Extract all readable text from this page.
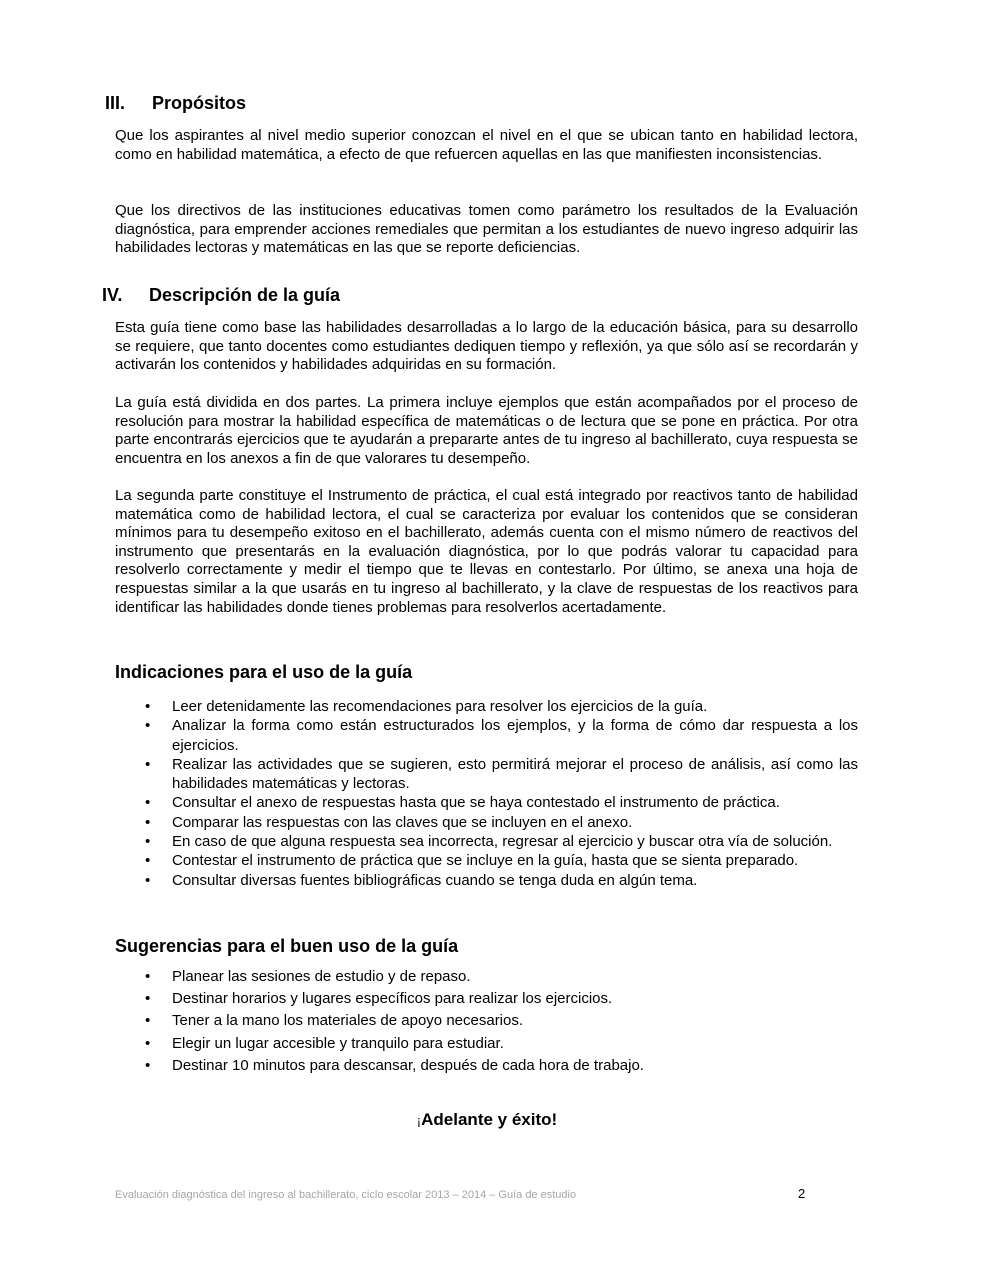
III. Propósitos

Que los aspirantes al nivel medio superior conozcan el nivel en el que se ubican tanto en habilidad lectora, como en habilidad matemática, a efecto de que refuercen aquellas en las que manifiesten inconsistencias.

Que los directivos de las instituciones educativas tomen como parámetro los resultados de la Evaluación diagnóstica, para emprender acciones remediales que permitan a los estudiantes de nuevo ingreso adquirir las habilidades lectoras y matemáticas en las que se reporte deficiencias.

IV. Descripción de la guía

Esta guía tiene como base las habilidades desarrolladas a lo largo de la educación básica, para su desarrollo se requiere, que tanto docentes como estudiantes dediquen tiempo y reflexión, ya que sólo así se recordarán y activarán los contenidos y habilidades adquiridas en su formación.

La guía está dividida en dos partes. La primera incluye ejemplos que están acompañados por el proceso de resolución para mostrar la habilidad específica de matemáticas o de lectura que se pone en práctica. Por otra parte encontrarás ejercicios que te ayudarán a prepararte antes de tu ingreso al bachillerato, cuya respuesta se encuentra en los anexos a fin de que valorares tu desempeño.

La segunda parte constituye el Instrumento de práctica, el cual está integrado por reactivos tanto de habilidad matemática como de habilidad lectora, el cual se caracteriza por evaluar los contenidos que se consideran mínimos para tu desempeño exitoso en el bachillerato, además cuenta con el mismo número de reactivos del instrumento que presentarás en la evaluación diagnóstica, por lo que podrás valorar tu capacidad para resolverlo correctamente y medir el tiempo que te llevas en contestarlo. Por último, se anexa una hoja de respuestas similar a la que usarás en tu ingreso al bachillerato, y la clave de respuestas de los reactivos para identificar las habilidades donde tienes problemas para resolverlos acertadamente.

Indicaciones para el uso de la guía
• Leer detenidamente las recomendaciones para resolver los ejercicios de la guía.
• Analizar la forma como están estructurados los ejemplos, y la forma de cómo dar respuesta a los ejercicios.
• Realizar las actividades que se sugieren, esto permitirá mejorar el proceso de análisis, así como las habilidades matemáticas y lectoras.
• Consultar el anexo de respuestas hasta que se haya contestado el instrumento de práctica.
• Comparar las respuestas con las claves que se incluyen en el anexo.
• En caso de que alguna respuesta sea incorrecta, regresar al ejercicio y buscar otra vía de solución.
• Contestar el instrumento de práctica que se incluye en la guía, hasta que se sienta preparado.
• Consultar diversas fuentes bibliográficas cuando se tenga duda en algún tema.
Sugerencias para el buen uso de la guía
• Planear las sesiones de estudio y de repaso.
• Destinar horarios y lugares específicos para realizar los ejercicios.
• Tener a la mano los materiales de apoyo necesarios.
• Elegir un lugar accesible y tranquilo para estudiar.
• Destinar 10 minutos para descansar, después de cada hora de trabajo.

¡Adelante y éxito!

Evaluación diagnóstica del ingreso al bachillerato, ciclo escolar 2013 – 2014 – Guía de estudio	2
